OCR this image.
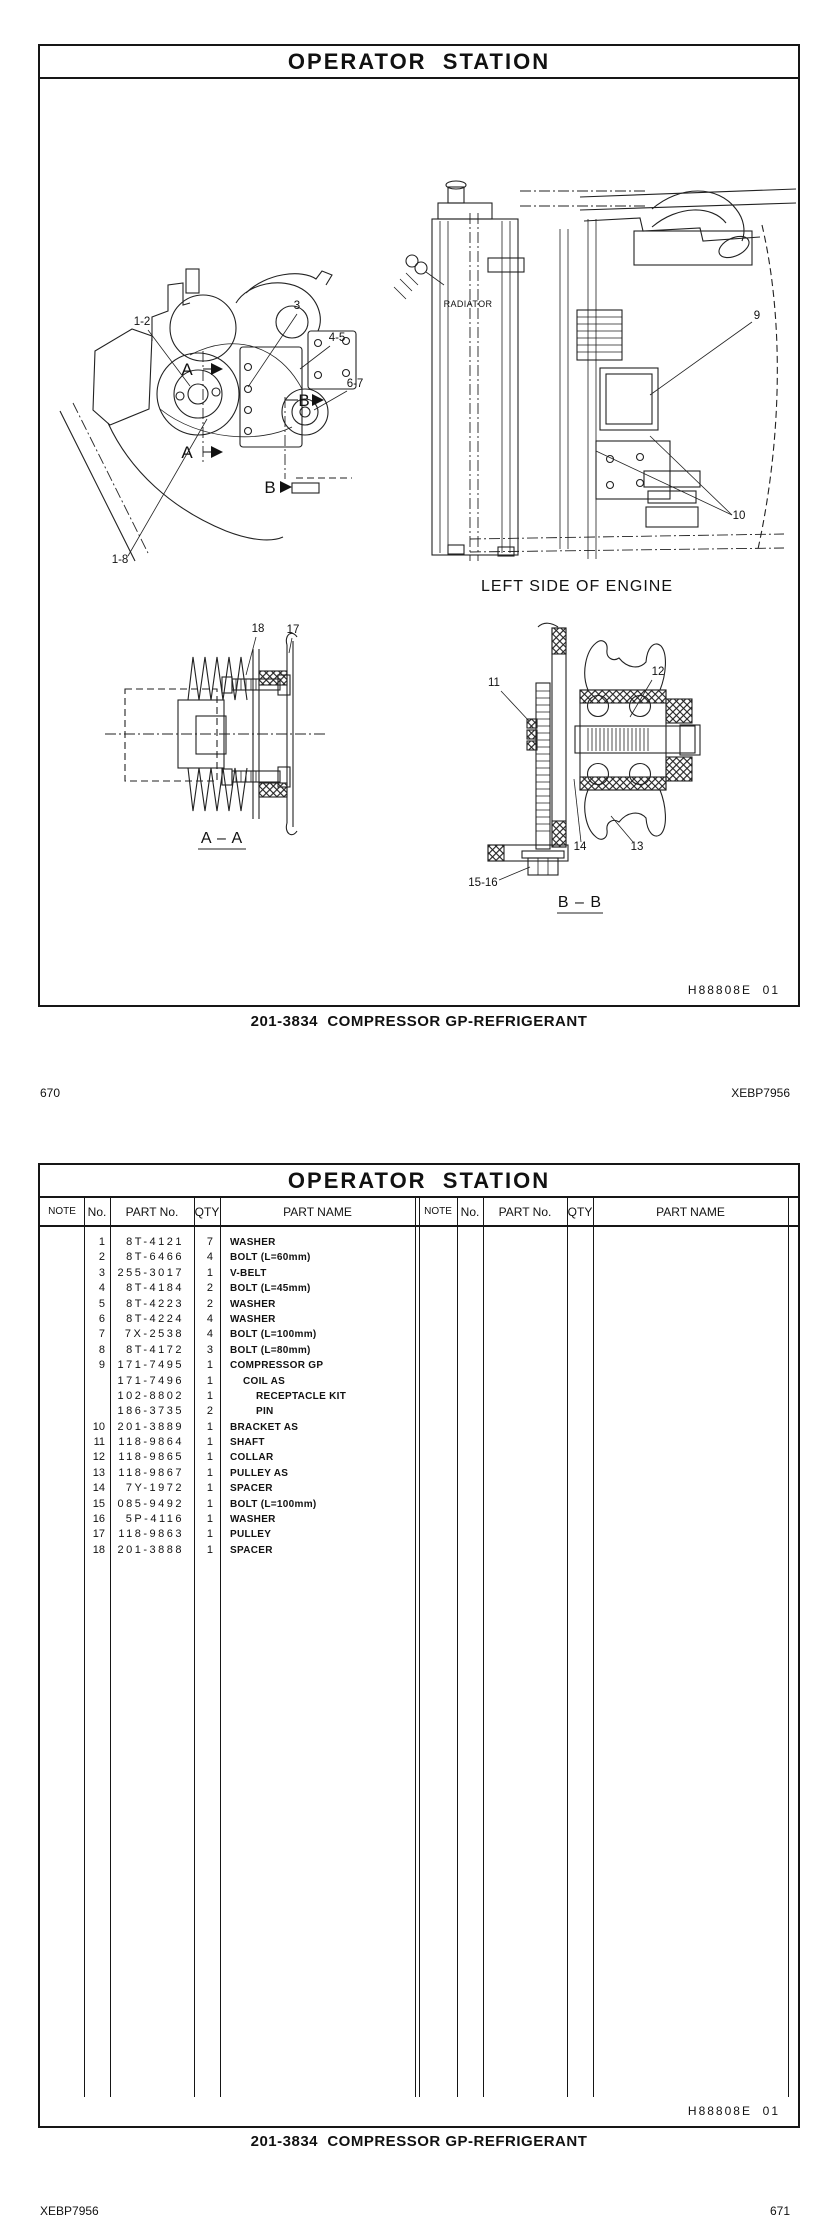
OPERATOR  STATION
A
A
B
B
1-2
3
4-5
6-7
1-8
RADIATOR
9
10
LEFT SIDE OF ENGINE
18 17
A – A
11
12
13
14
15-16
B – B
H88808E 01
201-3834  COMPRESSOR GP-REFRIGERANT
670	XEBP7956
OPERATOR  STATION
NOTE No.	PART No.	QTY	PART NAME	NOTE No.	PART No.	QTY	PART NAME
1	8T-4121	7	WASHER
2	8T-6466	4	BOLT (L=60mm)
3	255-3017	1	V-BELT
4	8T-4184	2	BOLT (L=45mm)
5	8T-4223	2	WASHER
6	8T-4224	4	WASHER
7	7X-2538	4	BOLT (L=100mm)
8	8T-4172	3	BOLT (L=80mm)
9	171-7495	1	COMPRESSOR GP
171-7496	1	COIL AS
102-8802	1	RECEPTACLE KIT
186-3735	2	PIN
10	201-3889	1	BRACKET AS
11	118-9864	1	SHAFT
12	118-9865	1	COLLAR
13	118-9867	1	PULLEY AS
14	7Y-1972	1	SPACER
15	085-9492	1	BOLT (L=100mm)
16	5P-4116	1	WASHER
17	118-9863	1	PULLEY
18	201-3888	1	SPACER
H88808E 01
201-3834  COMPRESSOR GP-REFRIGERANT
XEBP7956	671
